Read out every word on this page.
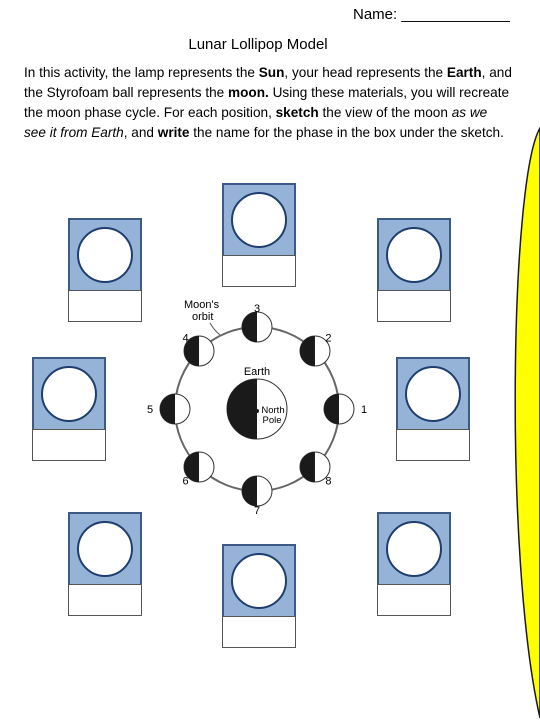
Name: _____________
Lunar Lollipop Model
In this activity, the lamp represents the Sun, your head represents the Earth, and the Styrofoam ball represents the moon. Using these materials, you will recreate the moon phase cycle. For each position, sketch the view of the moon as we see it from Earth, and write the name for the phase in the box under the sketch.
Moon's
orbit
Earth
North
Pole
1
2
3
4
5
6
7
8
